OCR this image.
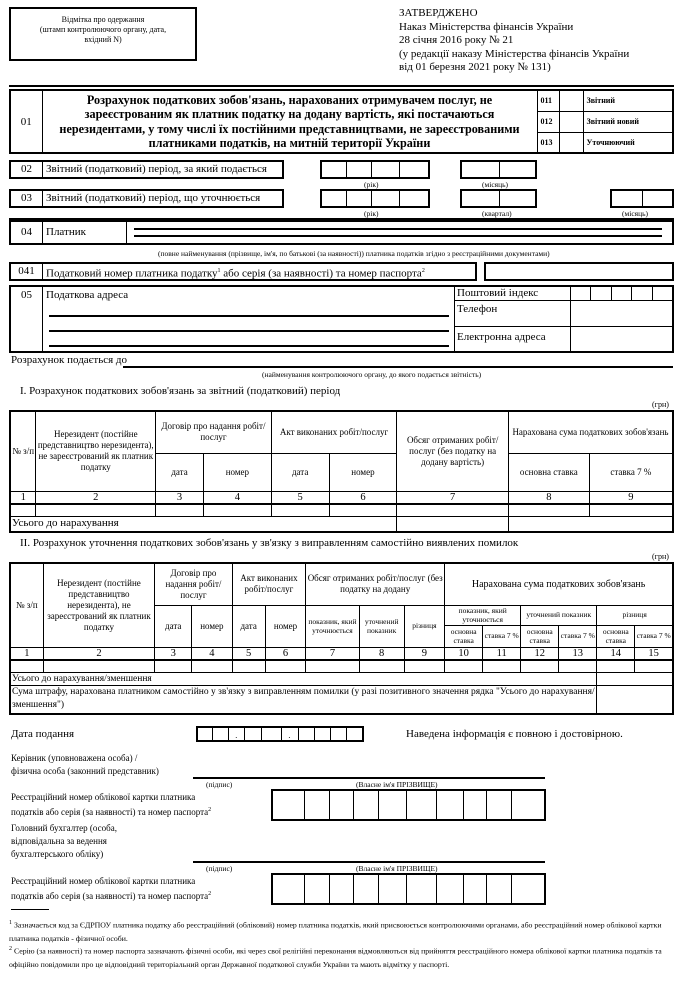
Відмітка про одержання
(штамп контролюючого органу, дата,
вхідний N)
ЗАТВЕРДЖЕНО
Наказ Міністерства фінансів України
28 січня 2016 року № 21
(у редакції наказу Міністерства фінансів України
від 01 березня 2021 року № 131)
01	Розрахунок податкових зобов'язань, нарахованих отримувачем послуг, не зареєстрованим як платник податку на додану вартість, які постачаються нерезидентами, у тому числі їх постійними представництвами, не зареєстрованими платниками податків, на митній території України	011		Звітний
		012		Звітний новий
		013		Уточнюючий
02	Звітний (податковий) період, за який подається
(рік)	(місяць)
03	Звітний (податковий) період, що уточнюється
(рік)	(квартал)	(місяць)
04	Платник
(повне найменування (прізвище, ім'я, по батькові (за наявності)) платника податків згідно з реєстраційними документами)
041	Податковий номер платника податку$^1$ або серія (за наявності) та номер паспорта$^2$
05	Податкова адреса	Поштовий індекс
Телефон
Електронна адреса
Розрахунок подається до
(найменування контролюючого органу, до якого подається звітність)
I. Розрахунок податкових зобов'язань за звітний (податковий) період
(грн)
№ з/п	Нерезидент (постійне представництво нерезидента), не зареєстрований як платник податку	Договір про надання робіт/послуг		Акт виконаних робіт/послуг		Обсяг отриманих робіт/послуг (без податку на додану вартість)	Нарахована сума податкових зобов'язань	
		дата	номер	дата	номер		основна ставка	ставка 7 %
1	2	3	4	5	6	7	8	9

Усього до нарахування								
II. Розрахунок уточнення податкових зобов'язань у зв'язку з виправленням самостійно виявлених помилок
(грн)
№ з/п	Нерезидент (постійне представництво нерезидента), не зареєстрований як платник податку	Договір про надання робіт/послуг		Акт виконаних робіт/послуг		Обсяг отриманих робіт/послуг (без податку на додану			Нарахована сума податкових зобов'язань					
		дата	номер	дата	номер	показник, який уточнюється	уточнений показник	різниця	показник, який уточнюється		уточнений показник		різниця	
									основна ставка	ставка 7 %	основна ставка	ставка 7 %	основна ставка	ставка 7 %
1	2	3	4	5	6	7	8	9	10	11	12	13	14	15

Усього до нарахування/зменшення														
Сума штрафу, нарахована платником самостійно у зв'язку з виправленням помилки (у разі позитивного значення рядка "Усього до нарахування/зменшення")														
Дата подання	.	.	Наведена інформація є повною і достовірною.
Керівник (уповноважена особа) /
фізична особа (законний представник)
(підпис)	(Власне ім'я ПРІЗВИЩЕ)
Реєстраційний номер облікової картки платника
податків або серія (за наявності) та номер паспорта$^2$
Головний бухгалтер (особа,
відповідальна за ведення
бухгалтерського обліку)
(підпис)	(Власне ім'я ПРІЗВИЩЕ)
Реєстраційний номер облікової картки платника
податків або серія (за наявності) та номер паспорта$^2$
$^1$ Зазначається код за ЄДРПОУ платника податку або реєстраційний (обліковий) номер платника податків, який присвоюється контролюючими органами, або реєстраційний номер облікової картки платника податків - фізичної особи.
$^2$ Серію (за наявності) та номер паспорта зазначають фізичні особи, які через свої релігійні переконання відмовляються від прийняття реєстраційного номера облікової картки платника податків та офіційно повідомили про це відповідний територіальний орган Державної податкової служби України та мають відмітку у паспорті.
